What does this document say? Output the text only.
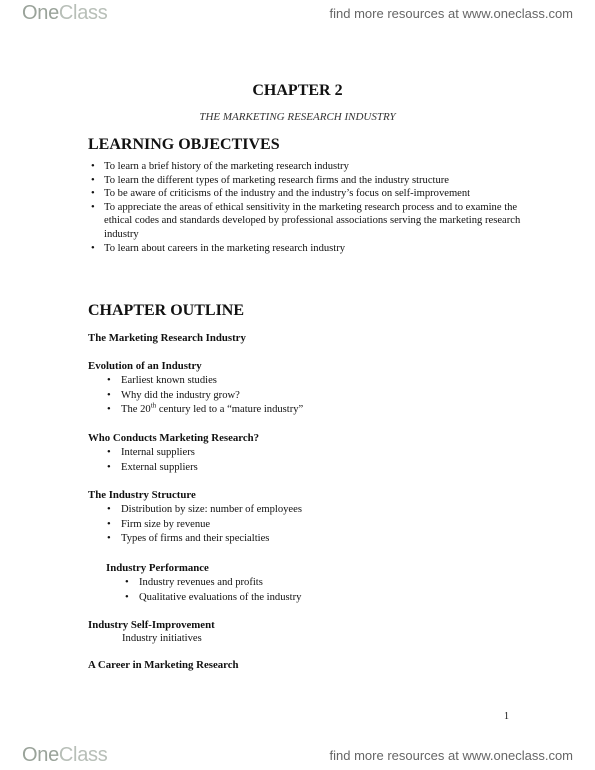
OneClass	find more resources at www.oneclass.com
CHAPTER 2
THE MARKETING RESEARCH INDUSTRY
LEARNING OBJECTIVES
• To learn a brief history of the marketing research industry
• To learn the different types of marketing research firms and the industry structure
• To be aware of criticisms of the industry and the industry’s focus on self-improvement
• To appreciate the areas of ethical sensitivity in the marketing research process and to examine the ethical codes and standards developed by professional associations serving the marketing research industry
• To learn about careers in the marketing research industry
CHAPTER OUTLINE
The Marketing Research Industry
Evolution of an Industry
• Earliest known studies
• Why did the industry grow?
• The 20th century led to a “mature industry”
Who Conducts Marketing Research?
• Internal suppliers
• External suppliers
The Industry Structure
• Distribution by size: number of employees
• Firm size by revenue
• Types of firms and their specialties
Industry Performance
• Industry revenues and profits
• Qualitative evaluations of the industry
Industry Self-Improvement
Industry initiatives
A Career in Marketing Research
1
OneClass	find more resources at www.oneclass.com
